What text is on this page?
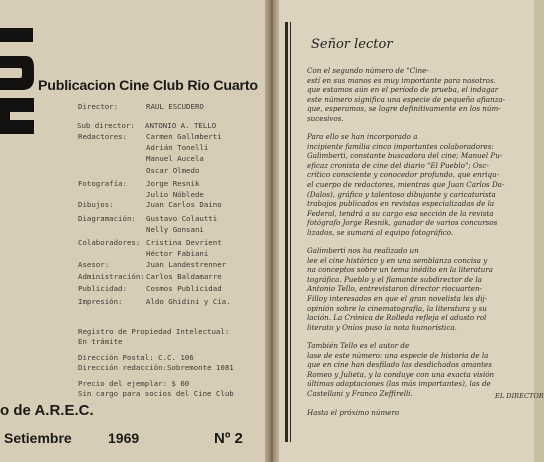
Publicacion Cine Club Rio Cuarto
Director:	RAUL ESCUDERO
Sub director: ANTONIO A. TELLO
Redactores:	Carmen Gallmberti
Adrián Tonelli
Manuel Aucela
Oscar Olmedo
Fotografía:	Jorge Resnik
Julio Nóblede
Dibujos:	Juan Carlos Daino
Diagramación: Gustavo Colautti
Nelly Gonsani
Colaboradores: Cristina Devrient
Héctor Fabiani
Asesor:	Juan Landestrenner
Administración: Carlos Baldamarre
Publicidad:	Cosmos Publicidad
Impresión:	Aldo Ghidini y Cía.
Registro de Propiedad Intelectual:
En trámite
Dirección Postal: C.C. 106
Dirección redacción:Sobremonte 1081
Precio del ejemplar: $ 60
Sin cargo para socios del Cine Club
o de A.R.E.C.
Setiembre	1969	Nº 2
Señor lector

Con el segundo número de "Cine-

estí en sus manos es muy importante para nosotros.

que estamos aún en el período de prueba, el indagar

este número significa una especie de pequeño afianza-

que, esperamos, se logre definitivamente en los núm-

sucesivos.

Para ello se han incorporado a

incipiente familia cinco importantes colaboradores:

Galimberti, constante buscadora del cine; Manuel Pu-

eficaz cronista de cine del diario "El Pueblo"; Osc-

crítico consciente y conocedor profundo, que enriqu-

el cuerpo de redactores, mientras que Juan Carlos Da-

(Dalos), gráfico y talentoso dibujante y caricaturista

trabajos publicados en revistas especializadas de la

Federal, tendrá a su cargo esa sección de la revista

fotógrafo Jorge Resnik, ganador de varios concursos

lizados, se sumará al equipo fotográfico.

Galimberti nos ha realizado un

lee el cine histórico y en una semblanza concisa y

na conceptos sobre un tema inédito en la literatura

tográfica. Pueblo y el flamante subdirector de la

Antonio Tello, entrevistaron director riocuarten-

Filloy interesados en que el gran novelista les dij-

opinión sobre la cinematografía, la literatura y su

lación. La Crónica de Rolleda refleja el adusto rol

literato y Oníos puso la nota humorística.

También Tello es el autor de

lase de este número: una especie de historia de la

que en cine han desfilado las desdichados amantes

Romeo y Julieta, y la conduye con una exacta visión

últimas adaptaciones (las más importantes), las de

Castellani y Franco Zeffirelli.

Hasta el próximo número

EL DIRECTOR
